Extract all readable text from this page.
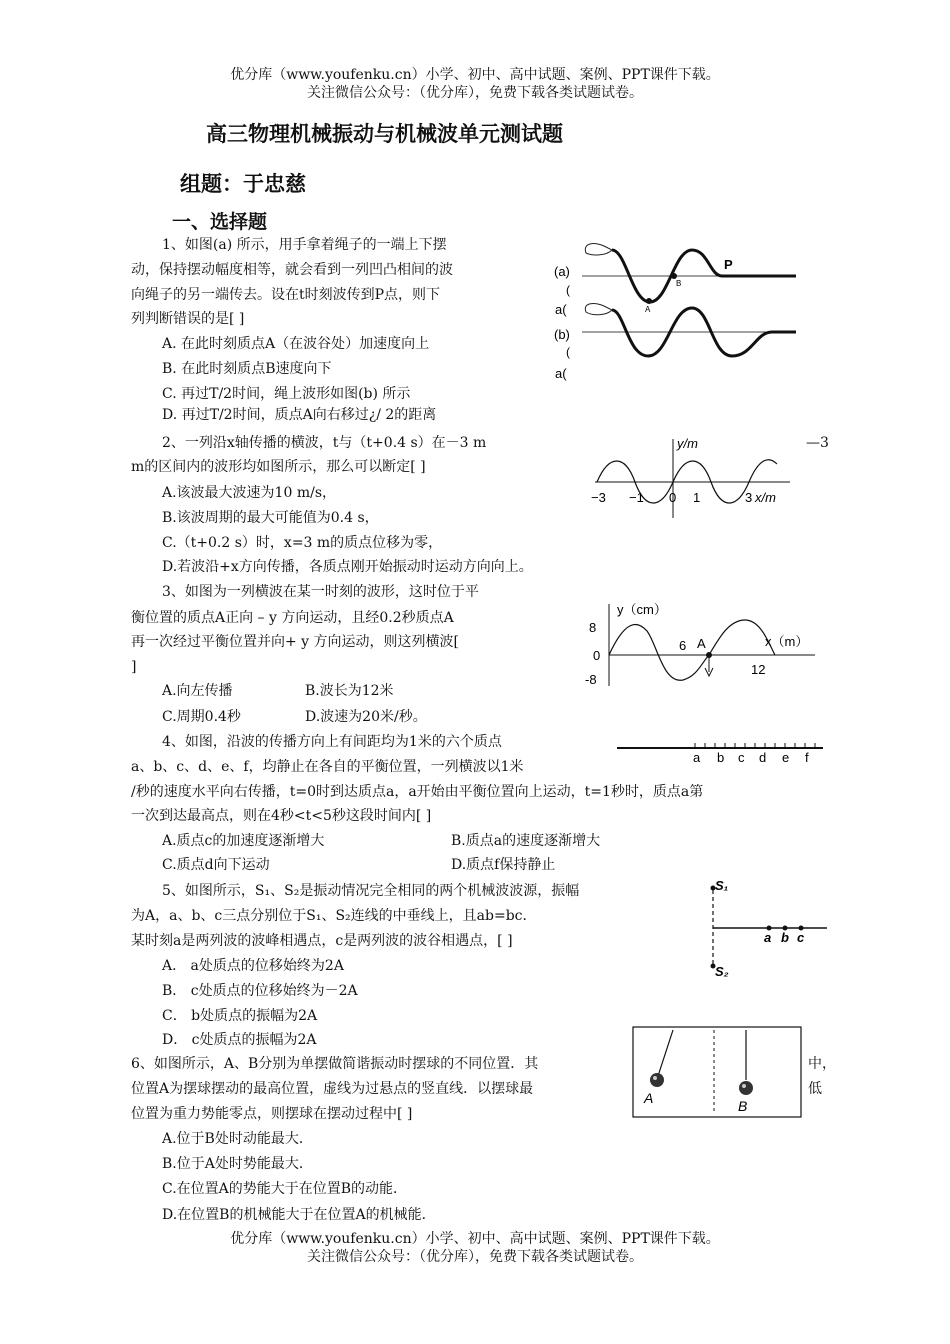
优分库（www.youfenku.cn）小学、初中、高中试题、案例、PPT课件下载。
关注微信公众号：（优分库），免费下载各类试题试卷。
高三物理机械振动与机械波单元测试题
组题：于忠慈
一、选择题
1、如图(a) 所示，用手拿着绳子的一端上下摆
动，保持摆动幅度相等，就会看到一列凹凸相间的波
向绳子的另一端传去。设在t时刻波传到P点，则下
列判断错误的是[ ]
A. 在此时刻质点A（在波谷处）加速度向上
B. 在此时刻质点B速度向下
C. 再过T/2时间，绳上波形如图(b) 所示
D. 再过T/2时间，质点A向右移过¿/ 2的距离
(a)
(
a(
P
A
B
(b)
(
a(
2、一列沿x轴传播的横波，t与（t+0.4 s）在－3 m	—3
m的区间内的波形均如图所示，那么可以断定[ ]
A.该波最大波速为10 m/s，
B.该波周期的最大可能值为0.4 s，
C.（t+0.2 s）时，x=3 m的质点位移为零，
D.若波沿+x方向传播，各质点刚开始振动时运动方向向上。
y/m
−3 −1 0 1	3 x/m
3、如图为一列横波在某一时刻的波形，这时位于平
衡位置的质点A正向 – y 方向运动，且经0.2秒质点A
再一次经过平衡位置并向+ y 方向运动，则这列横波[
]
A.向左传播	B.波长为12米
C.周期0.4秒	D.波速为20米/秒。
y（cm）
8
0
-8
6 A
12
x（m）
4、如图，沿波的传播方向上有间距均为1米的六个质点
a、b、c、d、e、f，均静止在各自的平衡位置，一列横波以1米
/秒的速度水平向右传播，t=0时到达质点a，a开始由平衡位置向上运动，t=1秒时，质点a第
一次到达最高点，则在4秒<t<5秒这段时间内[ ]
A.质点c的加速度逐渐增大	B.质点a的速度逐渐增大
C.质点d向下运动	D.质点f保持静止
a b c d e f
5、如图所示，S₁、S₂是振动情况完全相同的两个机械波波源，振幅
为A，a、b、c三点分别位于S₁、S₂连线的中垂线上，且ab=bc．
某时刻a是两列波的波峰相遇点，c是两列波的波谷相遇点，[ ]
A． a处质点的位移始终为2A
B． c处质点的位移始终为－2A
C． b处质点的振幅为2A
D． c处质点的振幅为2A
S₁
S₂
a b c
6、如图所示，A、B分别为单摆做简谐振动时摆球的不同位置．其	中，
位置A为摆球摆动的最高位置，虚线为过悬点的竖直线．以摆球最	低
位置为重力势能零点，则摆球在摆动过程中[ ]
A.位于B处时动能最大．
B.位于A处时势能最大．
C.在位置A的势能大于在位置B的动能．
D.在位置B的机械能大于在位置A的机械能．
A	B
优分库（www.youfenku.cn）小学、初中、高中试题、案例、PPT课件下载。
关注微信公众号：（优分库），免费下载各类试题试卷。
